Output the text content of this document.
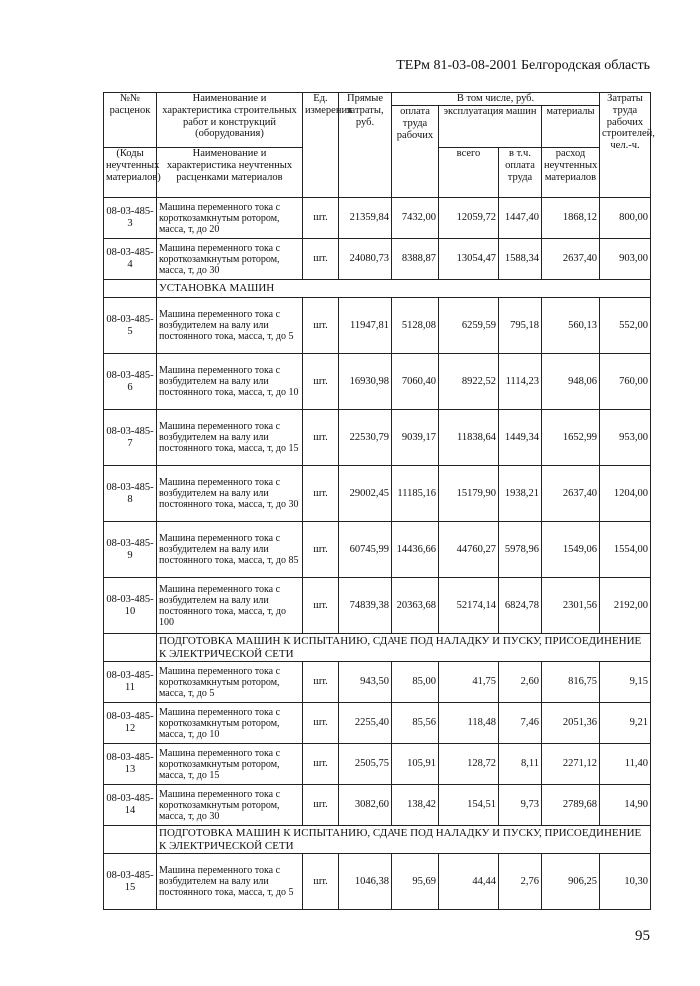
ТЕРм 81-03-08-2001 Белгородская область
№№ расценок	Наименование и характеристика строительных работ и конструкций (оборудования)	Ед. измерения	Прямые затраты, руб.	В том числе, руб.				Затраты труда рабочих строителей, чел.-ч.
				оплата труда рабочих	эксплуатация машин		материалы	
(Коды неучтенных материалов)	Наименование и характеристика неучтенных расценками материалов				всего	в т.ч. оплата труда	расход неучтенных материалов	
08-03-485-3	Машина переменного тока с короткозамкнутым ротором, масса, т, до 20	шт.	21359,84	7432,00	12059,72	1447,40	1868,12	800,00
08-03-485-4	Машина переменного тока с короткозамкнутым ротором, масса, т, до 30	шт.	24080,73	8388,87	13054,47	1588,34	2637,40	903,00
	УСТАНОВКА МАШИН							
08-03-485-5	Машина переменного тока с возбудителем на валу или постоянного тока, масса, т, до 5	шт.	11947,81	5128,08	6259,59	795,18	560,13	552,00
08-03-485-6	Машина переменного тока с возбудителем на валу или постоянного тока, масса, т, до 10	шт.	16930,98	7060,40	8922,52	1114,23	948,06	760,00
08-03-485-7	Машина переменного тока с возбудителем на валу или постоянного тока, масса, т, до 15	шт.	22530,79	9039,17	11838,64	1449,34	1652,99	953,00
08-03-485-8	Машина переменного тока с возбудителем на валу или постоянного тока, масса, т, до 30	шт.	29002,45	11185,16	15179,90	1938,21	2637,40	1204,00
08-03-485-9	Машина переменного тока с возбудителем на валу или постоянного тока, масса, т, до 85	шт.	60745,99	14436,66	44760,27	5978,96	1549,06	1554,00
08-03-485-10	Машина переменного тока с возбудителем на валу или постоянного тока, масса, т, до 100	шт.	74839,38	20363,68	52174,14	6824,78	2301,56	2192,00
	ПОДГОТОВКА МАШИН К ИСПЫТАНИЮ, СДАЧЕ ПОД НАЛАДКУ И ПУСКУ, ПРИСОЕДИНЕНИЕ К ЭЛЕКТРИЧЕСКОЙ СЕТИ							
08-03-485-11	Машина переменного тока с короткозамкнутым ротором, масса, т, до 5	шт.	943,50	85,00	41,75	2,60	816,75	9,15
08-03-485-12	Машина переменного тока с короткозамкнутым ротором, масса, т, до 10	шт.	2255,40	85,56	118,48	7,46	2051,36	9,21
08-03-485-13	Машина переменного тока с короткозамкнутым ротором, масса, т, до 15	шт.	2505,75	105,91	128,72	8,11	2271,12	11,40
08-03-485-14	Машина переменного тока с короткозамкнутым ротором, масса, т, до 30	шт.	3082,60	138,42	154,51	9,73	2789,68	14,90
	ПОДГОТОВКА МАШИН К ИСПЫТАНИЮ, СДАЧЕ ПОД НАЛАДКУ И ПУСКУ, ПРИСОЕДИНЕНИЕ К ЭЛЕКТРИЧЕСКОЙ СЕТИ							
08-03-485-15	Машина переменного тока с возбудителем на валу или постоянного тока, масса, т, до 5	шт.	1046,38	95,69	44,44	2,76	906,25	10,30
95
